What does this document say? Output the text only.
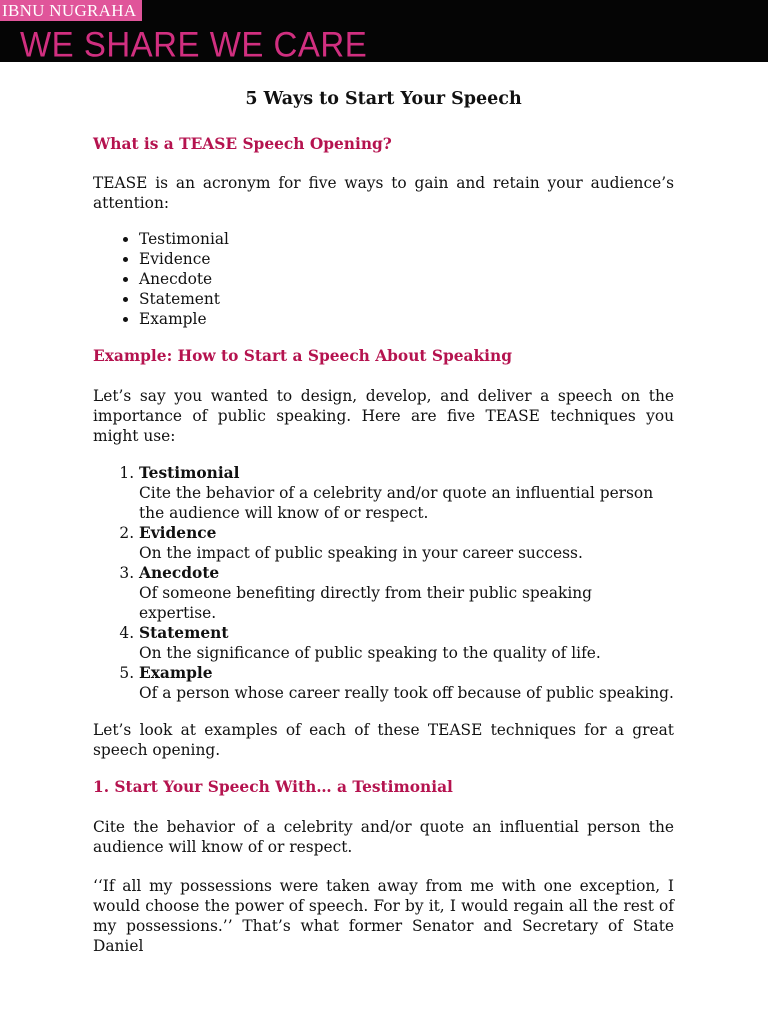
IBNU NUGRAHA
WE SHARE WE CARE
5 Ways to Start Your Speech
What is a TEASE Speech Opening?

TEASE is an acronym for five ways to gain and retain your audience’s attention:

• Testimonial
• Evidence
• Anecdote
• Statement
• Example
Example: How to Start a Speech About Speaking

Let’s say you wanted to design, develop, and deliver a speech on the importance of public speaking. Here are five TEASE techniques you might use:

1. Testimonial
Cite the behavior of a celebrity and/or quote an influential person the audience will know of or respect.
2. Evidence
On the impact of public speaking in your career success.
3. Anecdote
Of someone benefiting directly from their public speaking expertise.
4. Statement
On the significance of public speaking to the quality of life.
5. Example
Of a person whose career really took off because of public speaking.

Let’s look at examples of each of these TEASE techniques for a great speech opening.

1. Start Your Speech With… a Testimonial

Cite the behavior of a celebrity and/or quote an influential person the audience will know of or respect.

‘‘If all my possessions were taken away from me with one exception, I would choose the power of speech. For by it, I would regain all the rest of my possessions.’’ That’s what former Senator and Secretary of State Daniel
